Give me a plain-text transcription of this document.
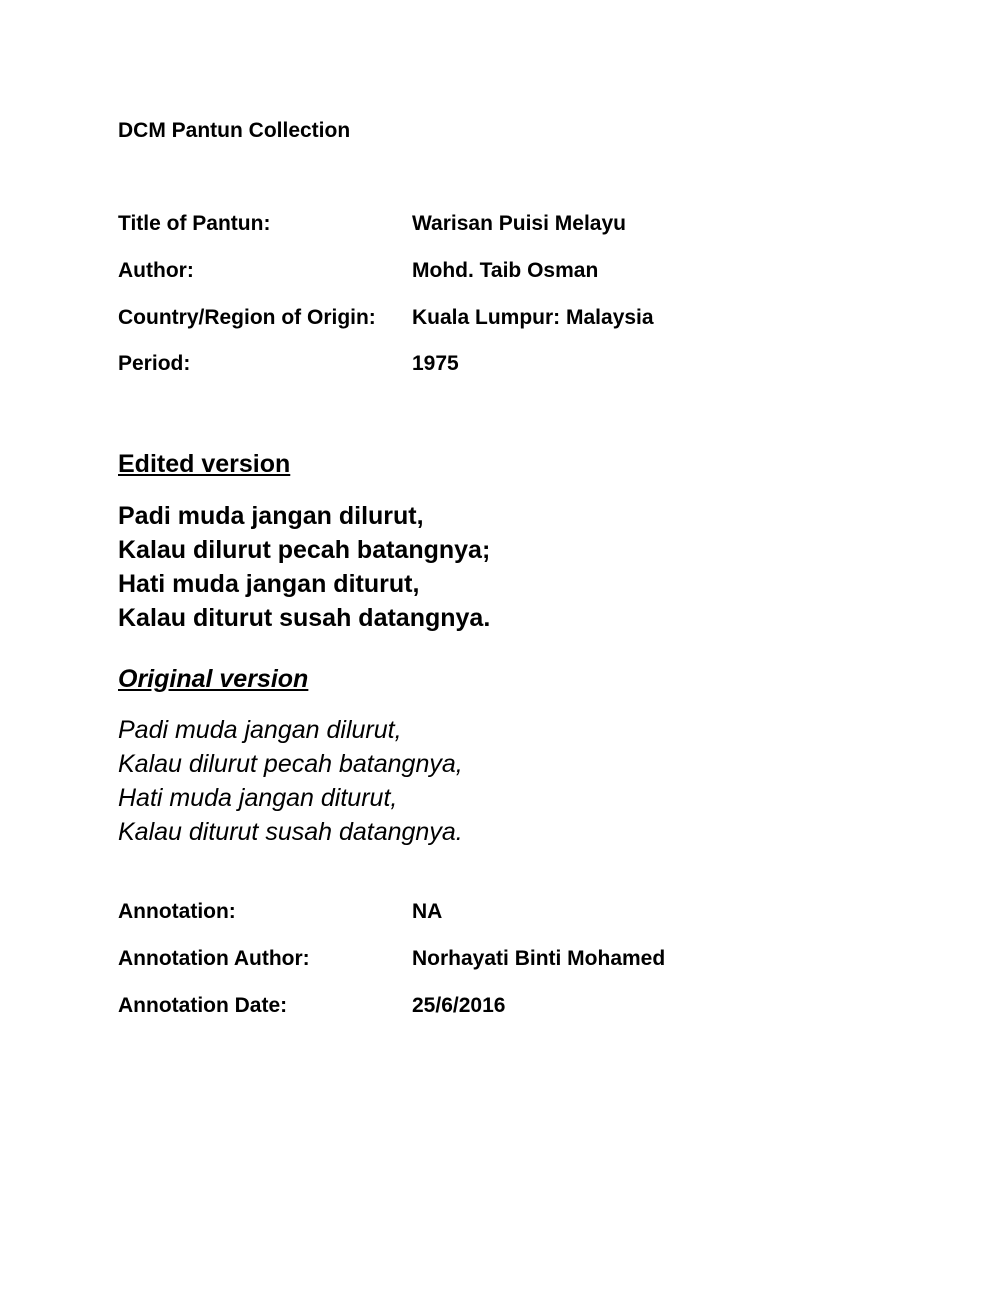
DCM Pantun Collection
Title of Pantun:	Warisan Puisi Melayu
Author:	Mohd. Taib Osman
Country/Region of Origin: Kuala Lumpur: Malaysia
Period:	1975
Edited version
Padi muda jangan dilurut,
Kalau dilurut pecah batangnya;
Hati muda jangan diturut,
Kalau diturut susah datangnya.
Original version
Padi muda jangan dilurut,
Kalau dilurut pecah batangnya,
Hati muda jangan diturut,
Kalau diturut susah datangnya.
Annotation:	NA
Annotation Author:	Norhayati Binti Mohamed
Annotation Date:	25/6/2016
